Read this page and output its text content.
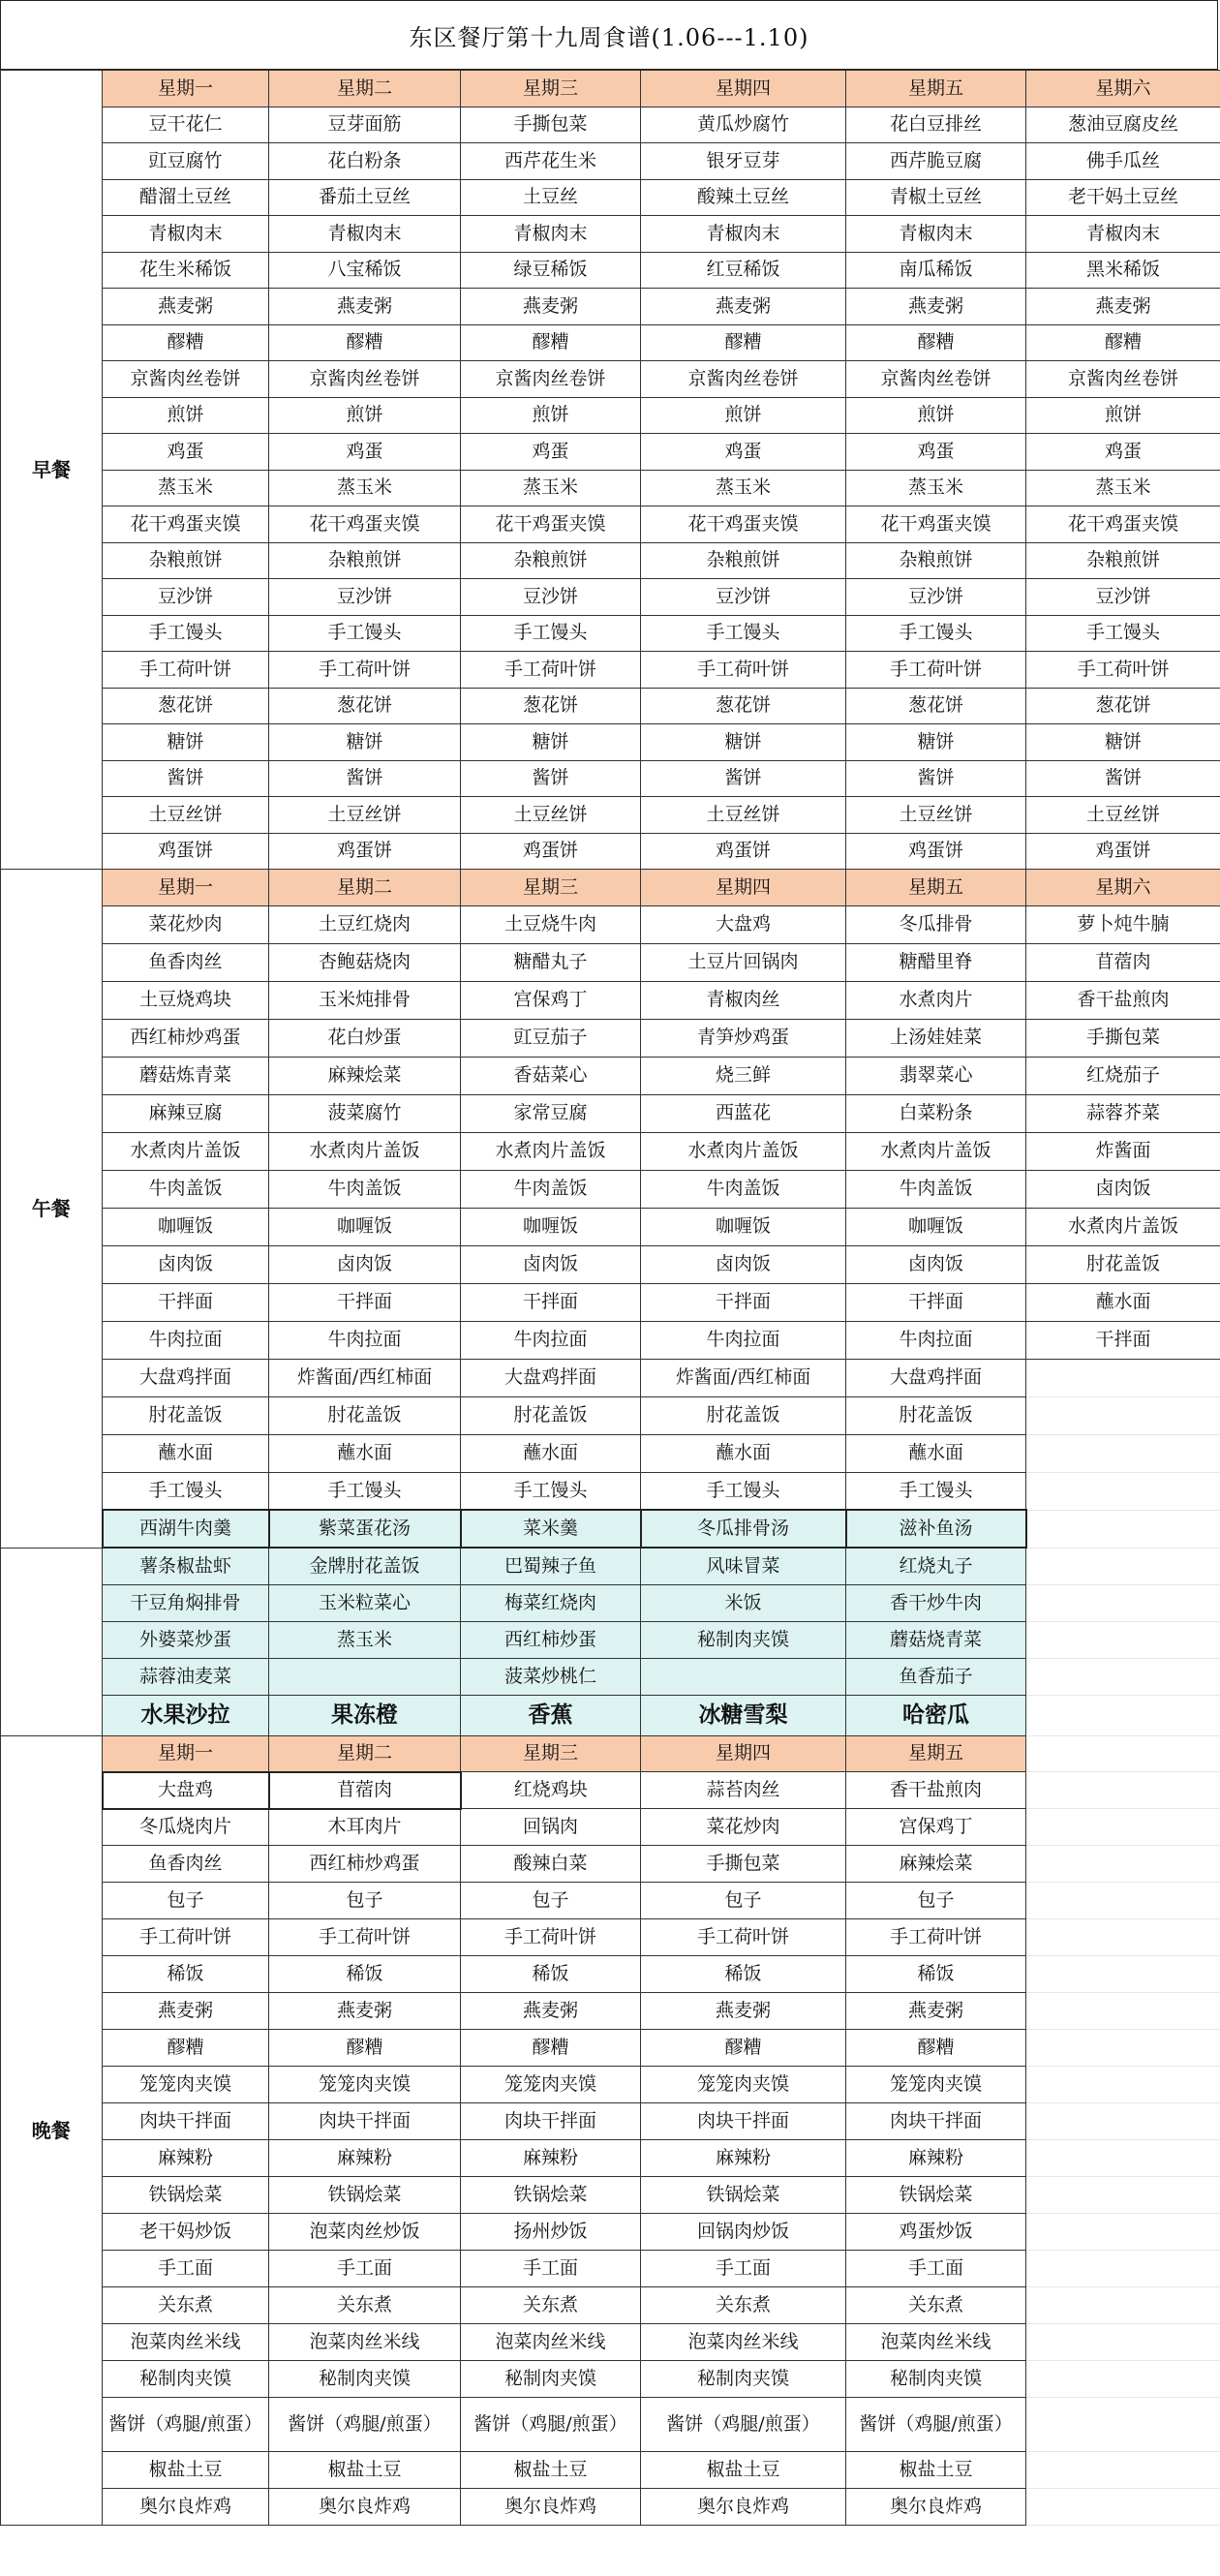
东区餐厅第十九周食谱(1.06---1.10)
早餐	星期一	星期二	星期三	星期四	星期五	星期六
	豆干花仁	豆芽面筋	手撕包菜	黄瓜炒腐竹	花白豆排丝	葱油豆腐皮丝
	豇豆腐竹	花白粉条	西芹花生米	银牙豆芽	西芹脆豆腐	佛手瓜丝
	醋溜土豆丝	番茄土豆丝	土豆丝	酸辣土豆丝	青椒土豆丝	老干妈土豆丝
	青椒肉末	青椒肉末	青椒肉末	青椒肉末	青椒肉末	青椒肉末
	花生米稀饭	八宝稀饭	绿豆稀饭	红豆稀饭	南瓜稀饭	黑米稀饭
	燕麦粥	燕麦粥	燕麦粥	燕麦粥	燕麦粥	燕麦粥
	醪糟	醪糟	醪糟	醪糟	醪糟	醪糟
	京酱肉丝卷饼	京酱肉丝卷饼	京酱肉丝卷饼	京酱肉丝卷饼	京酱肉丝卷饼	京酱肉丝卷饼
	煎饼	煎饼	煎饼	煎饼	煎饼	煎饼
	鸡蛋	鸡蛋	鸡蛋	鸡蛋	鸡蛋	鸡蛋
	蒸玉米	蒸玉米	蒸玉米	蒸玉米	蒸玉米	蒸玉米
	花干鸡蛋夹馍	花干鸡蛋夹馍	花干鸡蛋夹馍	花干鸡蛋夹馍	花干鸡蛋夹馍	花干鸡蛋夹馍
	杂粮煎饼	杂粮煎饼	杂粮煎饼	杂粮煎饼	杂粮煎饼	杂粮煎饼
	豆沙饼	豆沙饼	豆沙饼	豆沙饼	豆沙饼	豆沙饼
	手工馒头	手工馒头	手工馒头	手工馒头	手工馒头	手工馒头
	手工荷叶饼	手工荷叶饼	手工荷叶饼	手工荷叶饼	手工荷叶饼	手工荷叶饼
	葱花饼	葱花饼	葱花饼	葱花饼	葱花饼	葱花饼
	糖饼	糖饼	糖饼	糖饼	糖饼	糖饼
	酱饼	酱饼	酱饼	酱饼	酱饼	酱饼
	土豆丝饼	土豆丝饼	土豆丝饼	土豆丝饼	土豆丝饼	土豆丝饼
	鸡蛋饼	鸡蛋饼	鸡蛋饼	鸡蛋饼	鸡蛋饼	鸡蛋饼
午餐	星期一	星期二	星期三	星期四	星期五	星期六
	菜花炒肉	土豆红烧肉	土豆烧牛肉	大盘鸡	冬瓜排骨	萝卜炖牛腩
	鱼香肉丝	杏鲍菇烧肉	糖醋丸子	土豆片回锅肉	糖醋里脊	苜蓿肉
	土豆烧鸡块	玉米炖排骨	宫保鸡丁	青椒肉丝	水煮肉片	香干盐煎肉
	西红柿炒鸡蛋	花白炒蛋	豇豆茄子	青笋炒鸡蛋	上汤娃娃菜	手撕包菜
	蘑菇炼青菜	麻辣烩菜	香菇菜心	烧三鲜	翡翠菜心	红烧茄子
	麻辣豆腐	菠菜腐竹	家常豆腐	西蓝花	白菜粉条	蒜蓉芥菜
	水煮肉片盖饭	水煮肉片盖饭	水煮肉片盖饭	水煮肉片盖饭	水煮肉片盖饭	炸酱面
	牛肉盖饭	牛肉盖饭	牛肉盖饭	牛肉盖饭	牛肉盖饭	卤肉饭
	咖喱饭	咖喱饭	咖喱饭	咖喱饭	咖喱饭	水煮肉片盖饭
	卤肉饭	卤肉饭	卤肉饭	卤肉饭	卤肉饭	肘花盖饭
	干拌面	干拌面	干拌面	干拌面	干拌面	蘸水面
	牛肉拉面	牛肉拉面	牛肉拉面	牛肉拉面	牛肉拉面	干拌面
	大盘鸡拌面	炸酱面/西红柿面	大盘鸡拌面	炸酱面/西红柿面	大盘鸡拌面	
	肘花盖饭	肘花盖饭	肘花盖饭	肘花盖饭	肘花盖饭	
	蘸水面	蘸水面	蘸水面	蘸水面	蘸水面	
	手工馒头	手工馒头	手工馒头	手工馒头	手工馒头	
	西湖牛肉羹	紫菜蛋花汤	菜米羹	冬瓜排骨汤	滋补鱼汤	
	薯条椒盐虾	金牌肘花盖饭	巴蜀辣子鱼	风味冒菜	红烧丸子	
	干豆角焖排骨	玉米粒菜心	梅菜红烧肉	米饭	香干炒牛肉	
	外婆菜炒蛋	蒸玉米	西红柿炒蛋	秘制肉夹馍	蘑菇烧青菜	
	蒜蓉油麦菜		菠菜炒桃仁		鱼香茄子	
	水果沙拉	果冻橙	香蕉	冰糖雪梨	哈密瓜	
晚餐	星期一	星期二	星期三	星期四	星期五	
	大盘鸡	苜蓿肉	红烧鸡块	蒜苔肉丝	香干盐煎肉	
	冬瓜烧肉片	木耳肉片	回锅肉	菜花炒肉	宫保鸡丁	
	鱼香肉丝	西红柿炒鸡蛋	酸辣白菜	手撕包菜	麻辣烩菜	
	包子	包子	包子	包子	包子	
	手工荷叶饼	手工荷叶饼	手工荷叶饼	手工荷叶饼	手工荷叶饼	
	稀饭	稀饭	稀饭	稀饭	稀饭	
	燕麦粥	燕麦粥	燕麦粥	燕麦粥	燕麦粥	
	醪糟	醪糟	醪糟	醪糟	醪糟	
	笼笼肉夹馍	笼笼肉夹馍	笼笼肉夹馍	笼笼肉夹馍	笼笼肉夹馍	
	肉块干拌面	肉块干拌面	肉块干拌面	肉块干拌面	肉块干拌面	
	麻辣粉	麻辣粉	麻辣粉	麻辣粉	麻辣粉	
	铁锅烩菜	铁锅烩菜	铁锅烩菜	铁锅烩菜	铁锅烩菜	
	老干妈炒饭	泡菜肉丝炒饭	扬州炒饭	回锅肉炒饭	鸡蛋炒饭	
	手工面	手工面	手工面	手工面	手工面	
	关东煮	关东煮	关东煮	关东煮	关东煮	
	泡菜肉丝米线	泡菜肉丝米线	泡菜肉丝米线	泡菜肉丝米线	泡菜肉丝米线	
	秘制肉夹馍	秘制肉夹馍	秘制肉夹馍	秘制肉夹馍	秘制肉夹馍	
	酱饼（鸡腿/煎蛋）	酱饼（鸡腿/煎蛋）	酱饼（鸡腿/煎蛋）	酱饼（鸡腿/煎蛋）	酱饼（鸡腿/煎蛋）	
	椒盐土豆	椒盐土豆	椒盐土豆	椒盐土豆	椒盐土豆	
	奥尔良炸鸡	奥尔良炸鸡	奥尔良炸鸡	奥尔良炸鸡	奥尔良炸鸡	
